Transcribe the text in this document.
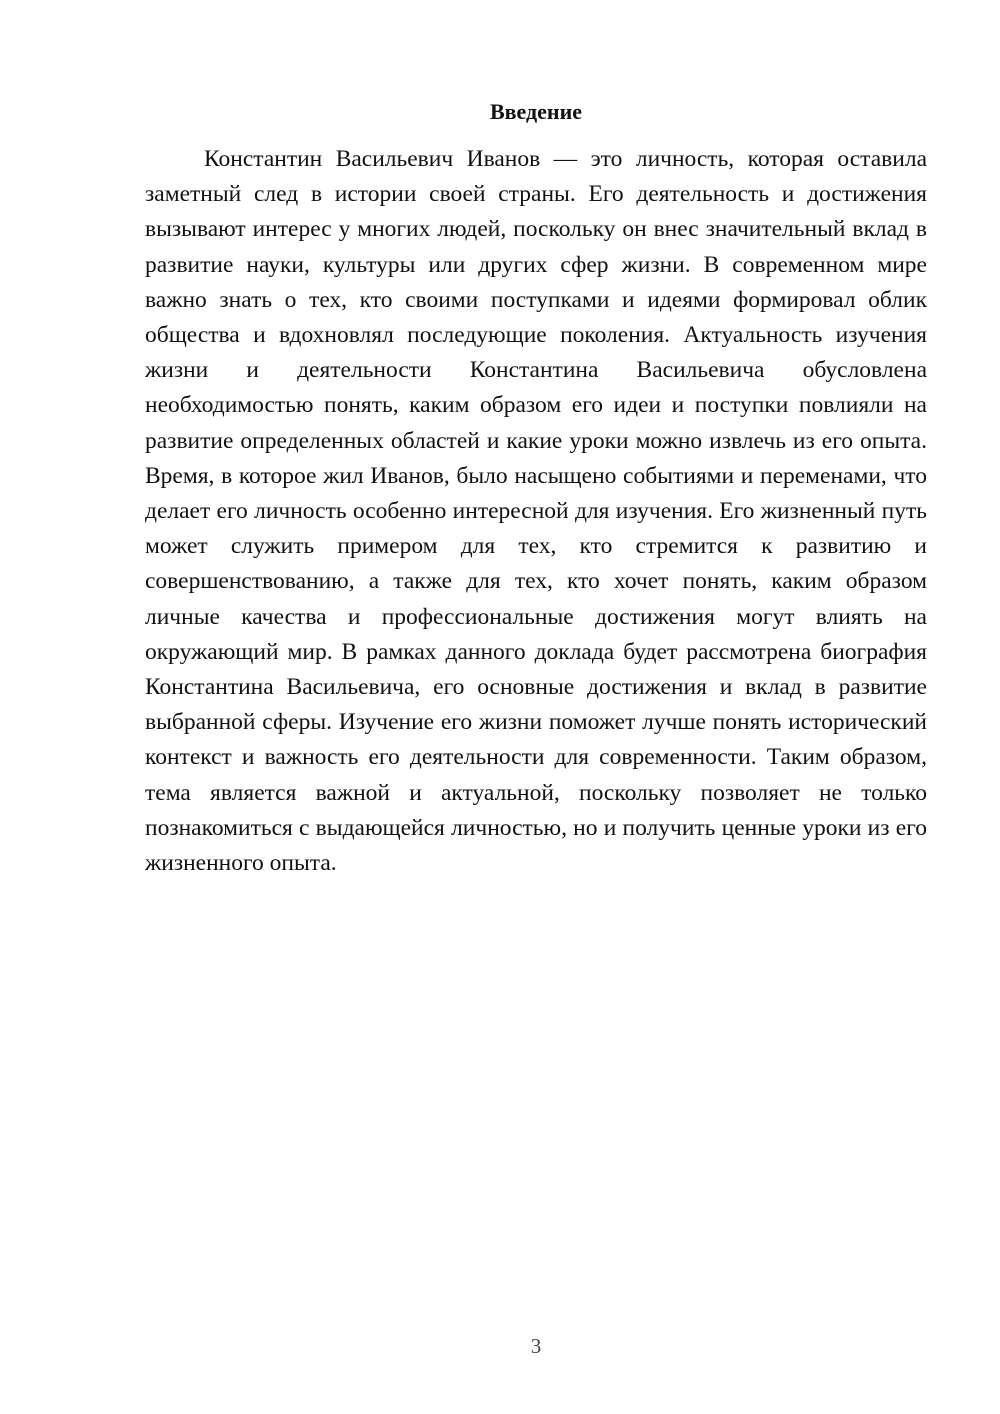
Введение

Константин Васильевич Иванов — это личность, которая оставила заметный след в истории своей страны. Его деятельность и достижения вызывают интерес у многих людей, поскольку он внес значительный вклад в развитие науки, культуры или других сфер жизни. В современном мире важно знать о тех, кто своими поступками и идеями формировал облик общества и вдохновлял последующие поколения. Актуальность изучения жизни и деятельности Константина Васильевича обусловлена необходимостью понять, каким образом его идеи и поступки повлияли на развитие определенных областей и какие уроки можно извлечь из его опыта. Время, в которое жил Иванов, было насыщено событиями и переменами, что делает его личность особенно интересной для изучения. Его жизненный путь может служить примером для тех, кто стремится к развитию и совершенствованию, а также для тех, кто хочет понять, каким образом личные качества и профессиональные достижения могут влиять на окружающий мир. В рамках данного доклада будет рассмотрена биография Константина Васильевича, его основные достижения и вклад в развитие выбранной сферы. Изучение его жизни поможет лучше понять исторический контекст и важность его деятельности для современности. Таким образом, тема является важной и актуальной, поскольку позволяет не только познакомиться с выдающейся личностью, но и получить ценные уроки из его жизненного опыта.

3
